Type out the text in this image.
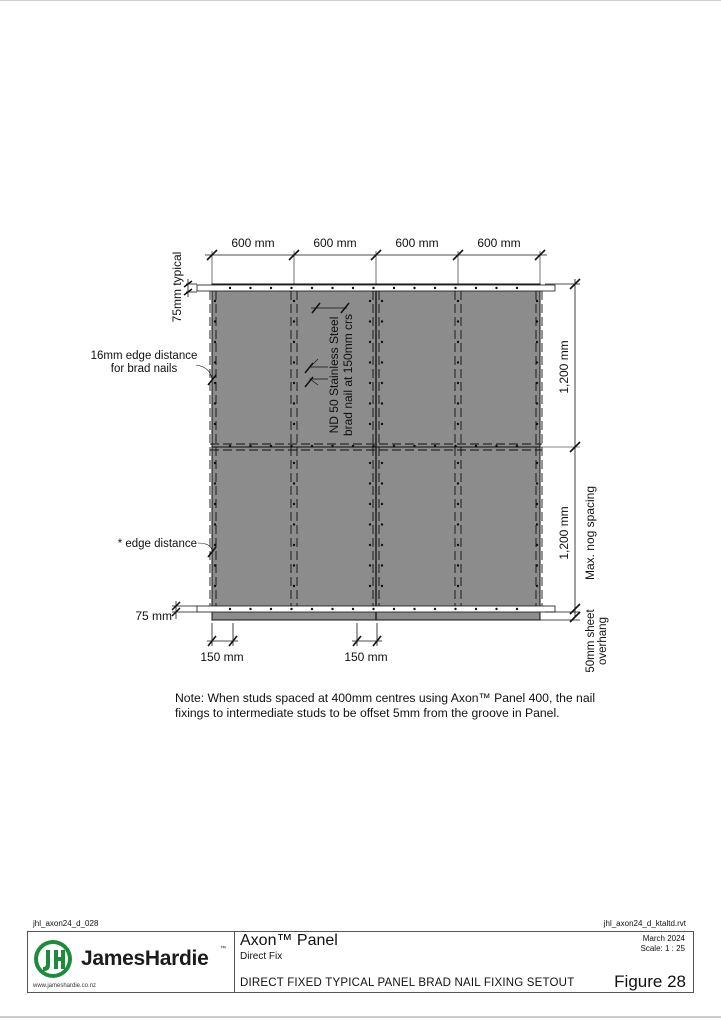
600 mm	600 mm	600 mm	600 mm
75mm typical
16mm edge distance
for brad nails	ND 50 Stainless Steel brad nail at 150mm crs	1,200 mm
1,200 mm Max. nog spacing
50mm sheet overhang
* edge distance
75 mm
150 mm	150 mm
Note: When studs spaced at 400mm centres using Axon™ Panel 400, the nail
fixings to intermediate studs to be offset 5mm from the groove in Panel.
jhl_axon24_d_028	jhl_axon24_d_ktaltd.rvt
JamesHardie ™
www.jameshardie.co.nz
Axon™ Panel
Direct Fix
DIRECT FIXED TYPICAL PANEL BRAD NAIL FIXING SETOUT
March 2024
Scale: 1 : 25
Figure 28
